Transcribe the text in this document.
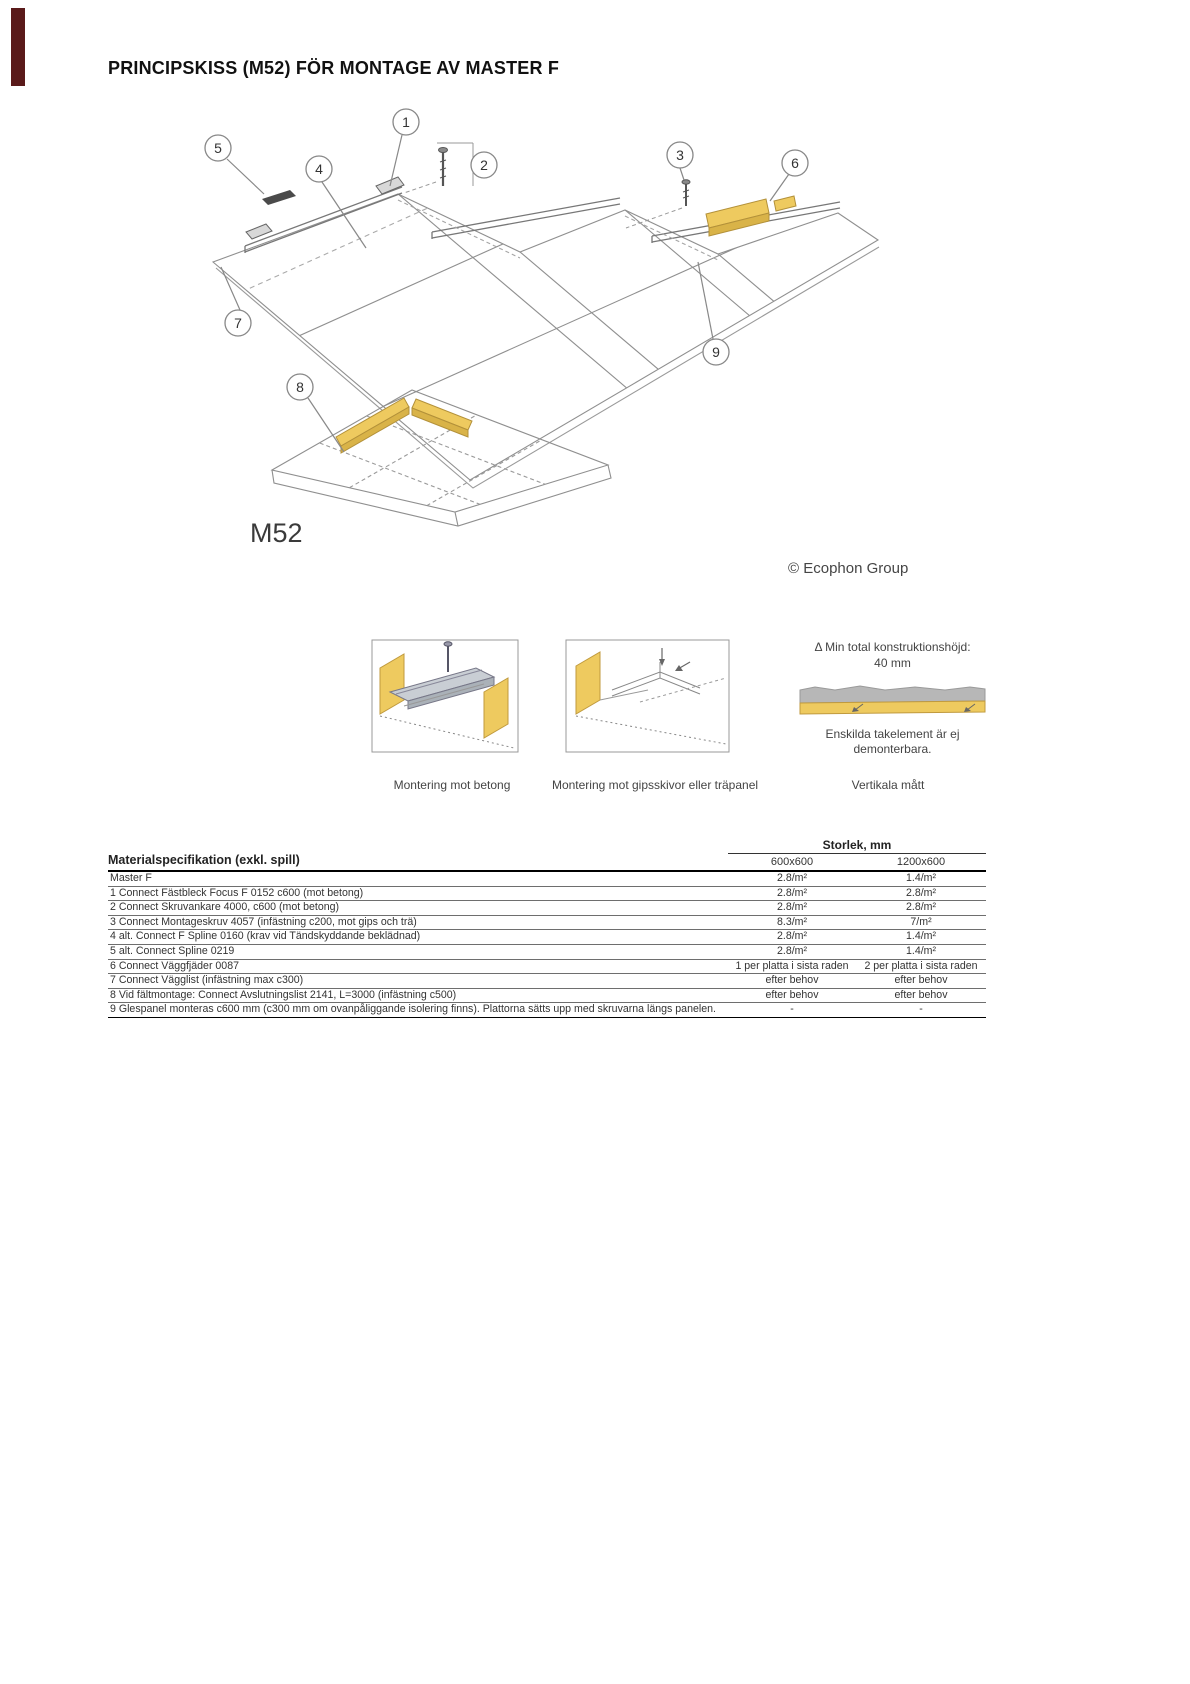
PRINCIPSKISS (M52) FÖR MONTAGE AV MASTER F
1
2
3
4
5
6
7
8
9
M52
© Ecophon Group
Δ Min total konstruktionshöjd:
40 mm
Enskilda takelement är ej
demonterbara.
Montering mot betong	Montering mot gipsskivor eller träpanel	Vertikala mått
Materialspecifikation (exkl. spill)
Storlek, mm
600x600	1200x600
Master F	2.8/m²	1.4/m²
1 Connect Fästbleck Focus F 0152 c600 (mot betong)	2.8/m²	2.8/m²
2 Connect Skruvankare 4000, c600 (mot betong)	2.8/m²	2.8/m²
3 Connect Montageskruv 4057 (infästning c200, mot gips och trä)	8.3/m²	7/m²
4 alt. Connect F Spline 0160 (krav vid Tändskyddande beklädnad)	2.8/m²	1.4/m²
5 alt. Connect Spline 0219	2.8/m²	1.4/m²
6 Connect Väggfjäder 0087	1 per platta i sista raden	2 per platta i sista raden
7 Connect Vägglist (infästning max c300)	efter behov	efter behov
8 Vid fältmontage: Connect Avslutningslist 2141, L=3000 (infästning c500)	efter behov	efter behov
9 Glespanel monteras c600 mm (c300 mm om ovanpåliggande isolering finns). Plattorna sätts upp med skruvarna längs panelen.	-	-
